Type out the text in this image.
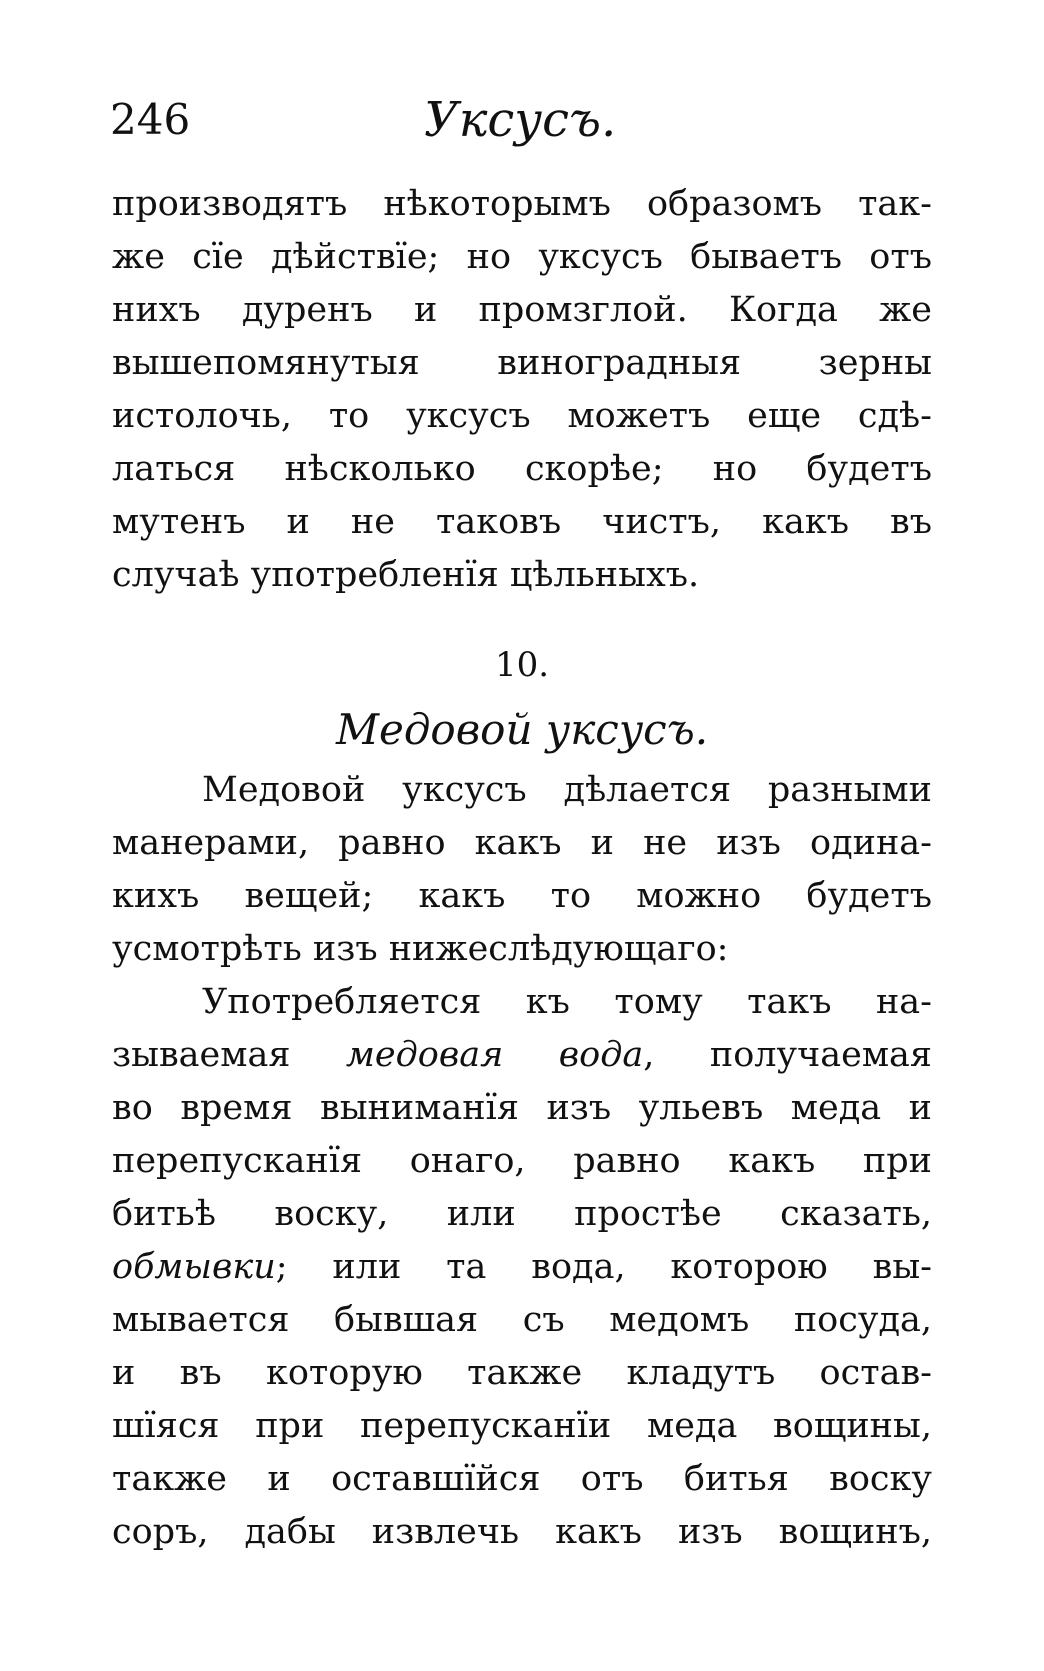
246	Уксусъ.
производятъ нѣкоторымъ образомъ так-
же сїе дѣйствїе; но уксусъ бываетъ отъ
нихъ дуренъ и промзглой. Когда же
вышепомянутыя виноградныя зерны
истолочь, то уксусъ можетъ еще сдѣ-
латься нѣсколько скорѣе; но будетъ
мутенъ и не таковъ чистъ, какъ въ
случаѣ употребленїя цѣльныхъ.
10.
Медовой уксусъ.
Медовой уксусъ дѣлается разными
манерами, равно какъ и не изъ одина-
кихъ вещей; какъ то можно будетъ
усмотрѣть изъ нижеслѣдующаго:
Употребляется къ тому такъ на-
зываемая медовая вода, получаемая
во время выниманїя изъ ульевъ меда и
перепусканїя онаго, равно какъ при
битьѣ воску, или простѣе сказать,
обмывки; или та вода, которою вы-
мывается бывшая съ медомъ посуда,
и въ которую также кладутъ остав-
шїяся при перепусканїи меда вощины,
также и оставшїйся отъ битья воску
соръ, дабы извлечь какъ изъ вощинъ,
